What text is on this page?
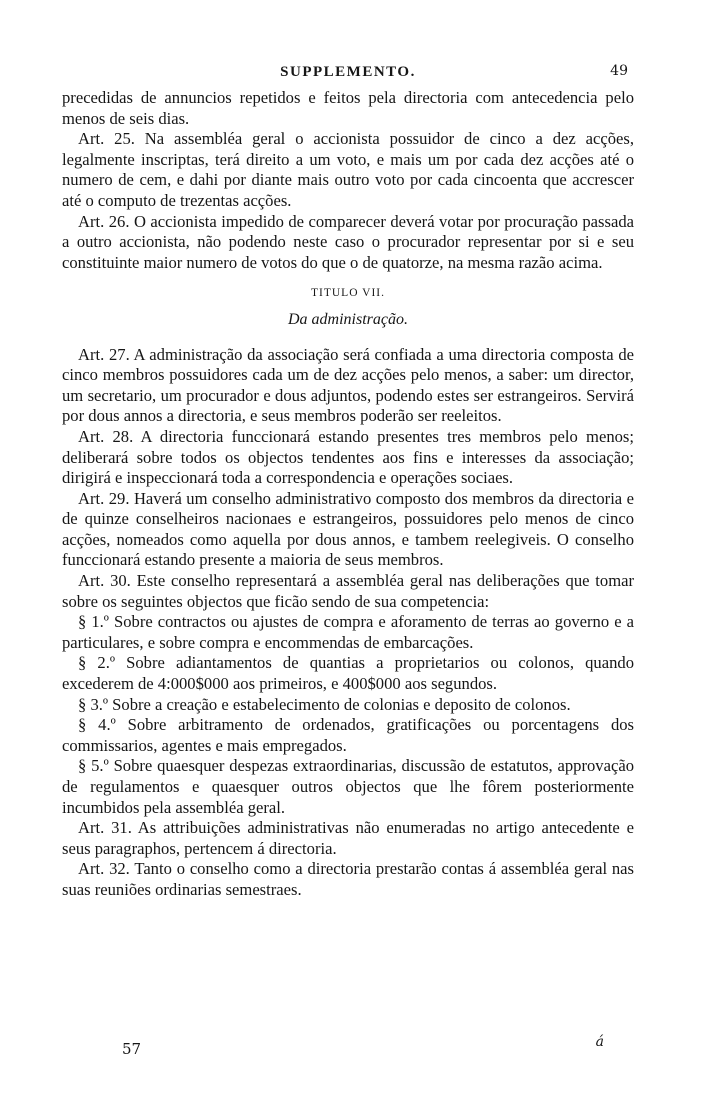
SUPPLEMENTO.	49

precedidas de annuncios repetidos e feitos pela directoria com antecedencia pelo menos de seis dias.

Art. 25. Na assembléa geral o accionista possuidor de cinco a dez acções, legalmente inscriptas, terá direito a um voto, e mais um por cada dez acções até o numero de cem, e dahi por diante mais outro voto por cada cincoenta que accrescer até o computo de trezentas acções.

Art. 26. O accionista impedido de comparecer deverá votar por procuração passada a outro accionista, não podendo neste caso o procurador representar por si e seu constituinte maior numero de votos do que o de quatorze, na mesma razão acima.

TITULO VII.
Da administração.

Art. 27. A administração da associação será confiada a uma directoria composta de cinco membros possuidores cada um de dez acções pelo menos, a saber: um director, um secretario, um procurador e dous adjuntos, podendo estes ser estrangeiros. Servirá por dous annos a directoria, e seus membros poderão ser reeleitos.

Art. 28. A directoria funccionará estando presentes tres membros pelo menos; deliberará sobre todos os objectos tendentes aos fins e interesses da associação; dirigirá e inspeccionará toda a correspondencia e operações sociaes.

Art. 29. Haverá um conselho administrativo composto dos membros da directoria e de quinze conselheiros nacionaes e estrangeiros, possuidores pelo menos de cinco acções, nomeados como aquella por dous annos, e tambem reelegiveis. O conselho funccionará estando presente a maioria de seus membros.

Art. 30. Este conselho representará a assembléa geral nas deliberações que tomar sobre os seguintes objectos que ficão sendo de sua competencia:

§ 1.º Sobre contractos ou ajustes de compra e aforamento de terras ao governo e a particulares, e sobre compra e encommendas de embarcações.

§ 2.º Sobre adiantamentos de quantias a proprietarios ou colonos, quando excederem de 4:000$000 aos primeiros, e 400$000 aos segundos.

§ 3.º Sobre a creação e estabelecimento de colonias e deposito de colonos.

§ 4.º Sobre arbitramento de ordenados, gratificações ou porcentagens dos commissarios, agentes e mais empregados.

§ 5.º Sobre quaesquer despezas extraordinarias, discussão de estatutos, approvação de regulamentos e quaesquer outros objectos que lhe fôrem posteriormente incumbidos pela assembléa geral.

Art. 31. As attribuições administrativas não enumeradas no artigo antecedente e seus paragraphos, pertencem á directoria.

Art. 32. Tanto o conselho como a directoria prestarão contas á assembléa geral nas suas reuniões ordinarias semestraes.

57	á
